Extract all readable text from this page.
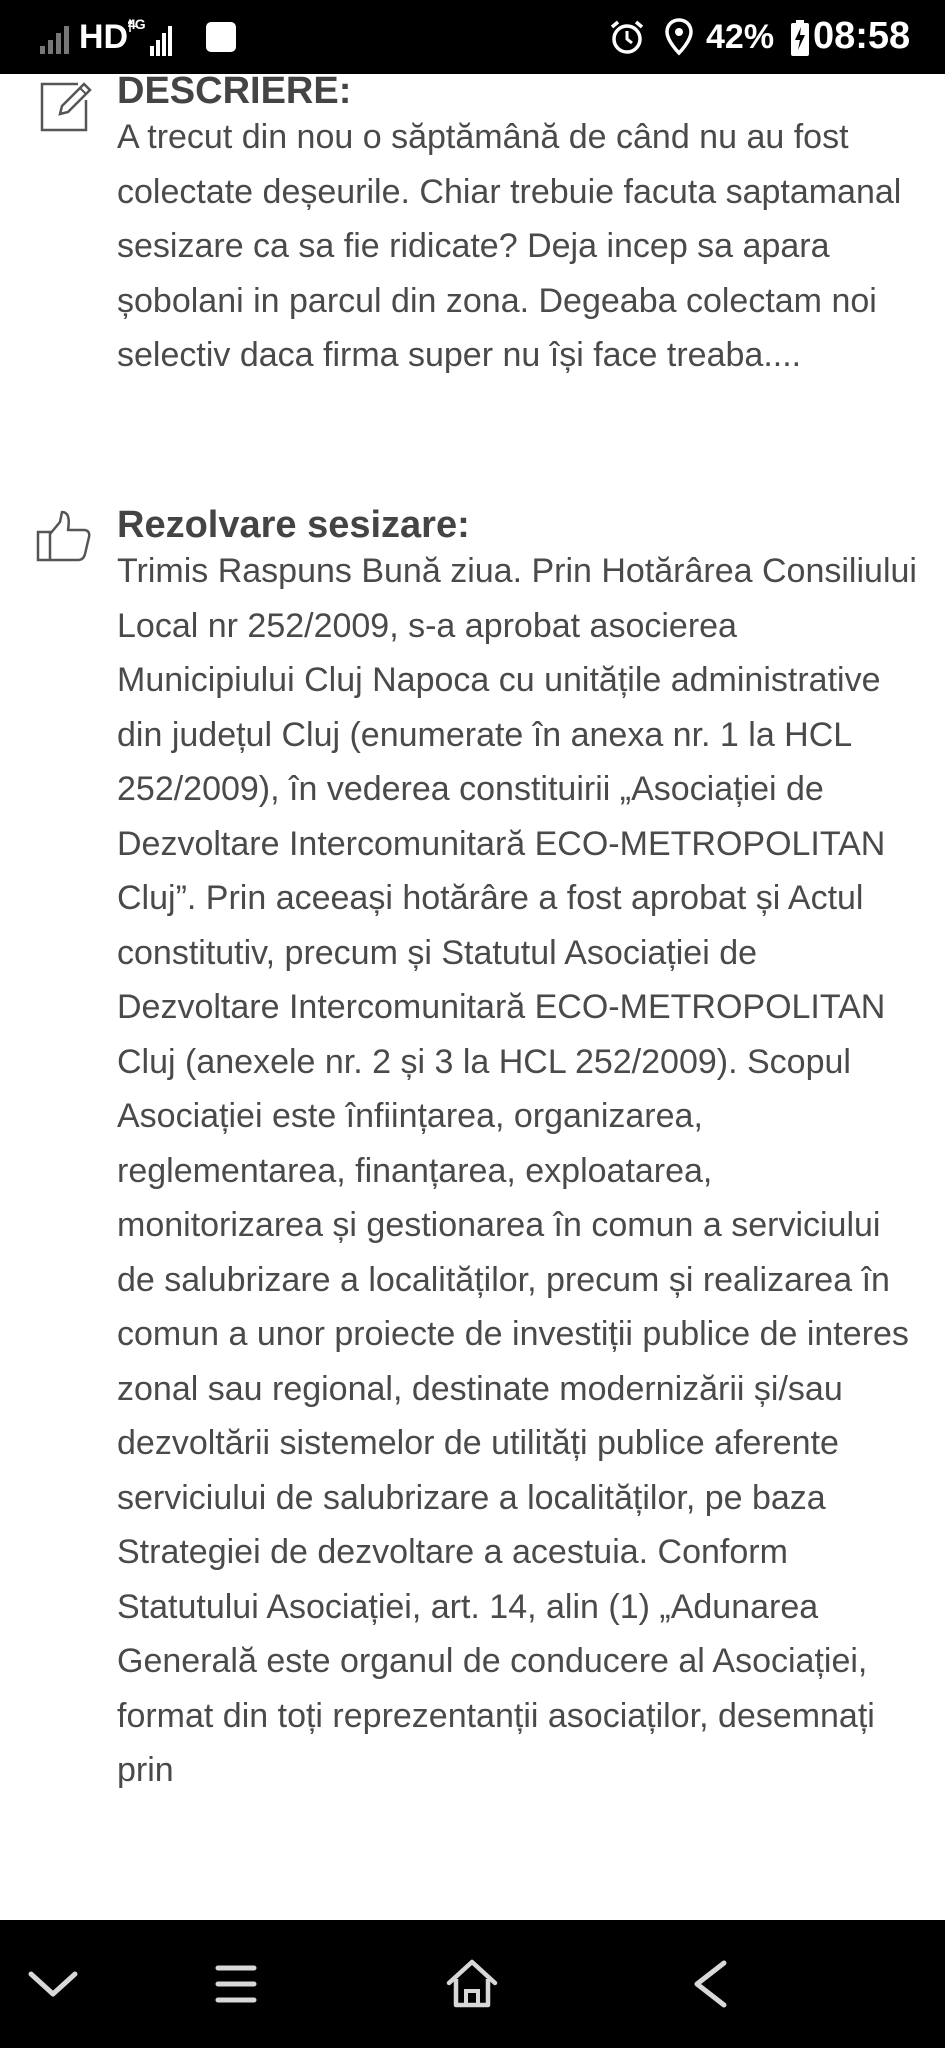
HD 4G	42% 08:58
DESCRIERE:

A trecut din nou o săptămână de când nu au fost colectate deșeurile. Chiar trebuie facuta saptamanal sesizare ca sa fie ridicate? Deja incep sa apara șobolani in parcul din zona. Degeaba colectam noi selectiv daca firma super nu își face treaba....

Rezolvare sesizare:

Trimis Raspuns Bună ziua. Prin Hotărârea Consiliului Local nr 252/2009, s-a aprobat asocierea Municipiului Cluj Napoca cu unitățile administrative din județul Cluj (enumerate în anexa nr. 1 la HCL 252/2009), în vederea constituirii „Asociației de Dezvoltare Intercomunitară ECO-METROPOLITAN Cluj”. Prin aceeași hotărâre a fost aprobat și Actul constitutiv, precum și Statutul Asociației de Dezvoltare Intercomunitară ECO-METROPOLITAN Cluj (anexele nr. 2 și 3 la HCL 252/2009). Scopul Asociației este înființarea, organizarea, reglementarea, finanțarea, exploatarea, monitorizarea și gestionarea în comun a serviciului de salubrizare a localităților, precum și realizarea în comun a unor proiecte de investiții publice de interes zonal sau regional, destinate modernizării și/sau dezvoltării sistemelor de utilități publice aferente serviciului de salubrizare a localităților, pe baza Strategiei de dezvoltare a acestuia. Conform Statutului Asociației, art. 14, alin (1) „Adunarea Generală este organul de conducere al Asociației, format din toți reprezentanții asociaților, desemnați prin
